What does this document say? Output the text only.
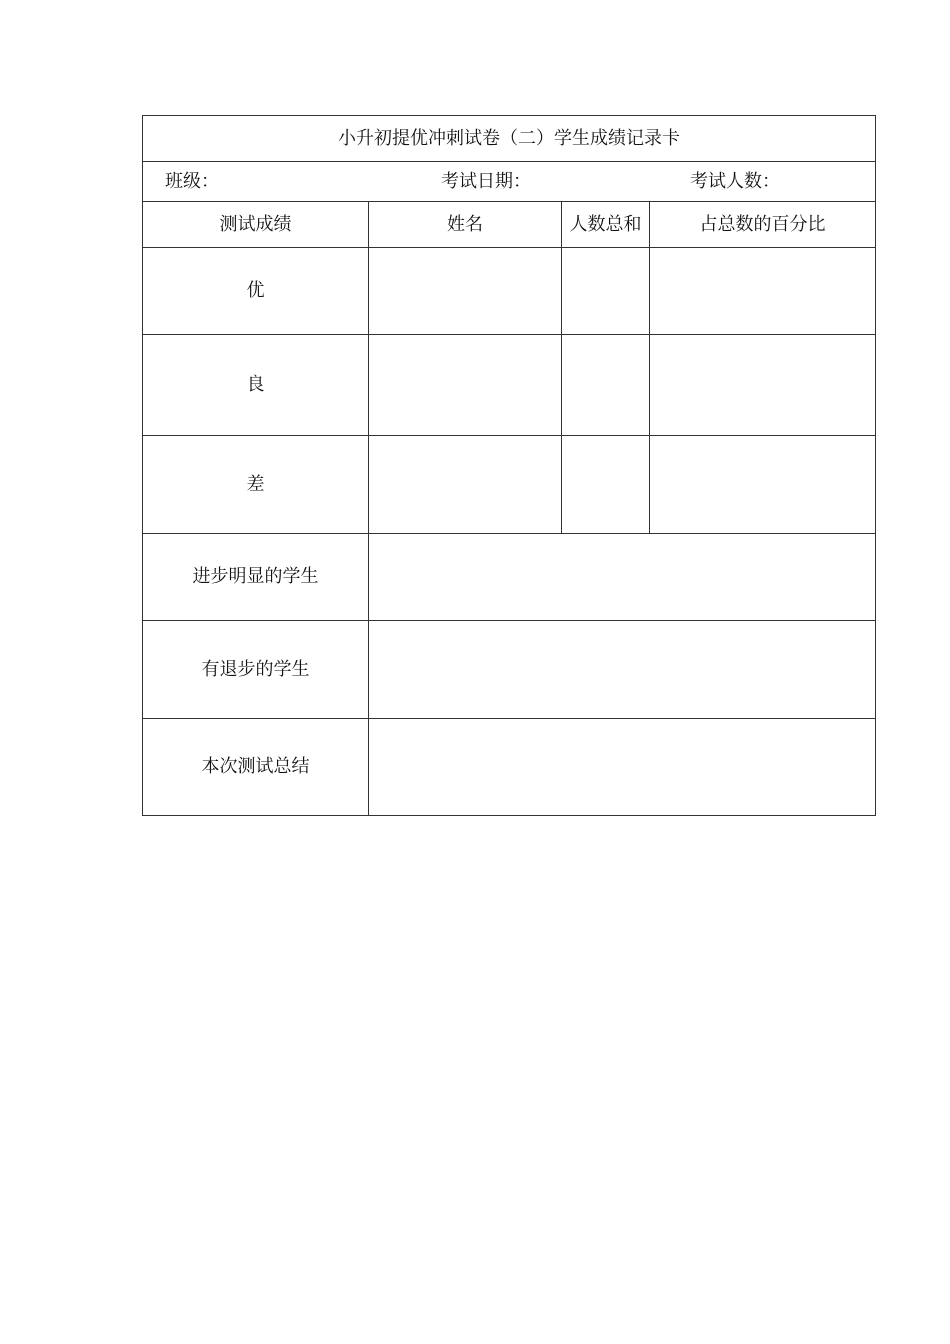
小升初提优冲刺试卷（二）学生成绩记录卡			

班级： 考试日期： 考试人数：			

测试成绩	姓名	人数总和	占总数的百分比
优			
良			
差			
进步明显的学生			
有退步的学生			
本次测试总结			
